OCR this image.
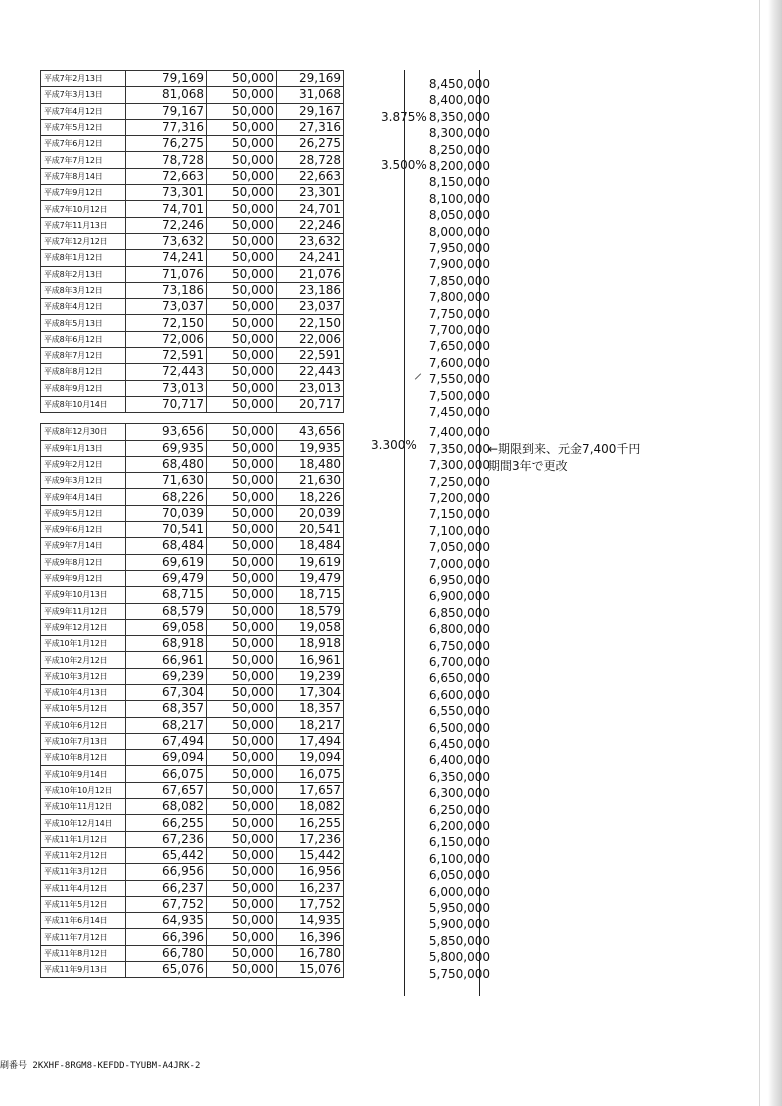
平成7年2月13日	79,169	50,000	29,169
平成7年3月13日	81,068	50,000	31,068
平成7年4月12日	79,167	50,000	29,167
平成7年5月12日	77,316	50,000	27,316
平成7年6月12日	76,275	50,000	26,275
平成7年7月12日	78,728	50,000	28,728
平成7年8月14日	72,663	50,000	22,663
平成7年9月12日	73,301	50,000	23,301
平成7年10月12日	74,701	50,000	24,701
平成7年11月13日	72,246	50,000	22,246
平成7年12月12日	73,632	50,000	23,632
平成8年1月12日	74,241	50,000	24,241
平成8年2月13日	71,076	50,000	21,076
平成8年3月12日	73,186	50,000	23,186
平成8年4月12日	73,037	50,000	23,037
平成8年5月13日	72,150	50,000	22,150
平成8年6月12日	72,006	50,000	22,006
平成8年7月12日	72,591	50,000	22,591
平成8年8月12日	72,443	50,000	22,443
平成8年9月12日	73,013	50,000	23,013
平成8年10月14日	70,717	50,000	20,717

平成8年12月30日	93,656	50,000	43,656
平成9年1月13日	69,935	50,000	19,935
平成9年2月12日	68,480	50,000	18,480
平成9年3月12日	71,630	50,000	21,630
平成9年4月14日	68,226	50,000	18,226
平成9年5月12日	70,039	50,000	20,039
平成9年6月12日	70,541	50,000	20,541
平成9年7月14日	68,484	50,000	18,484
平成9年8月12日	69,619	50,000	19,619
平成9年9月12日	69,479	50,000	19,479
平成9年10月13日	68,715	50,000	18,715
平成9年11月12日	68,579	50,000	18,579
平成9年12月12日	69,058	50,000	19,058
平成10年1月12日	68,918	50,000	18,918
平成10年2月12日	66,961	50,000	16,961
平成10年3月12日	69,239	50,000	19,239
平成10年4月13日	67,304	50,000	17,304
平成10年5月12日	68,357	50,000	18,357
平成10年6月12日	68,217	50,000	18,217
平成10年7月13日	67,494	50,000	17,494
平成10年8月12日	69,094	50,000	19,094
平成10年9月14日	66,075	50,000	16,075
平成10年10月12日	67,657	50,000	17,657
平成10年11月12日	68,082	50,000	18,082
平成10年12月14日	66,255	50,000	16,255
平成11年1月12日	67,236	50,000	17,236
平成11年2月12日	65,442	50,000	15,442
平成11年3月12日	66,956	50,000	16,956
平成11年4月12日	66,237	50,000	16,237
平成11年5月12日	67,752	50,000	17,752
平成11年6月14日	64,935	50,000	14,935
平成11年7月12日	66,396	50,000	16,396
平成11年8月12日	66,780	50,000	16,780
平成11年9月13日	65,076	50,000	15,076
3.875%
3.500%
3.300%
8,450,000
8,400,000
8,350,000
8,300,000
8,250,000
8,200,000
8,150,000
8,100,000
8,050,000
8,000,000
7,950,000
7,900,000
7,850,000
7,800,000
7,750,000
7,700,000
7,650,000
7,600,000
7,550,000
7,500,000
7,450,000
7,400,000
7,350,000
7,300,000
7,250,000
7,200,000
7,150,000
7,100,000
7,050,000
7,000,000
6,950,000
6,900,000
6,850,000
6,800,000
6,750,000
6,700,000
6,650,000
6,600,000
6,550,000
6,500,000
6,450,000
6,400,000
6,350,000
6,300,000
6,250,000
6,200,000
6,150,000
6,100,000
6,050,000
6,000,000
5,950,000
5,900,000
5,850,000
5,800,000
5,750,000
←期限到来、元金7,400千円
期間3年で更改
刷番号 2KXHF-8RGM8-KEFDD-TYUBM-A4JRK-2
